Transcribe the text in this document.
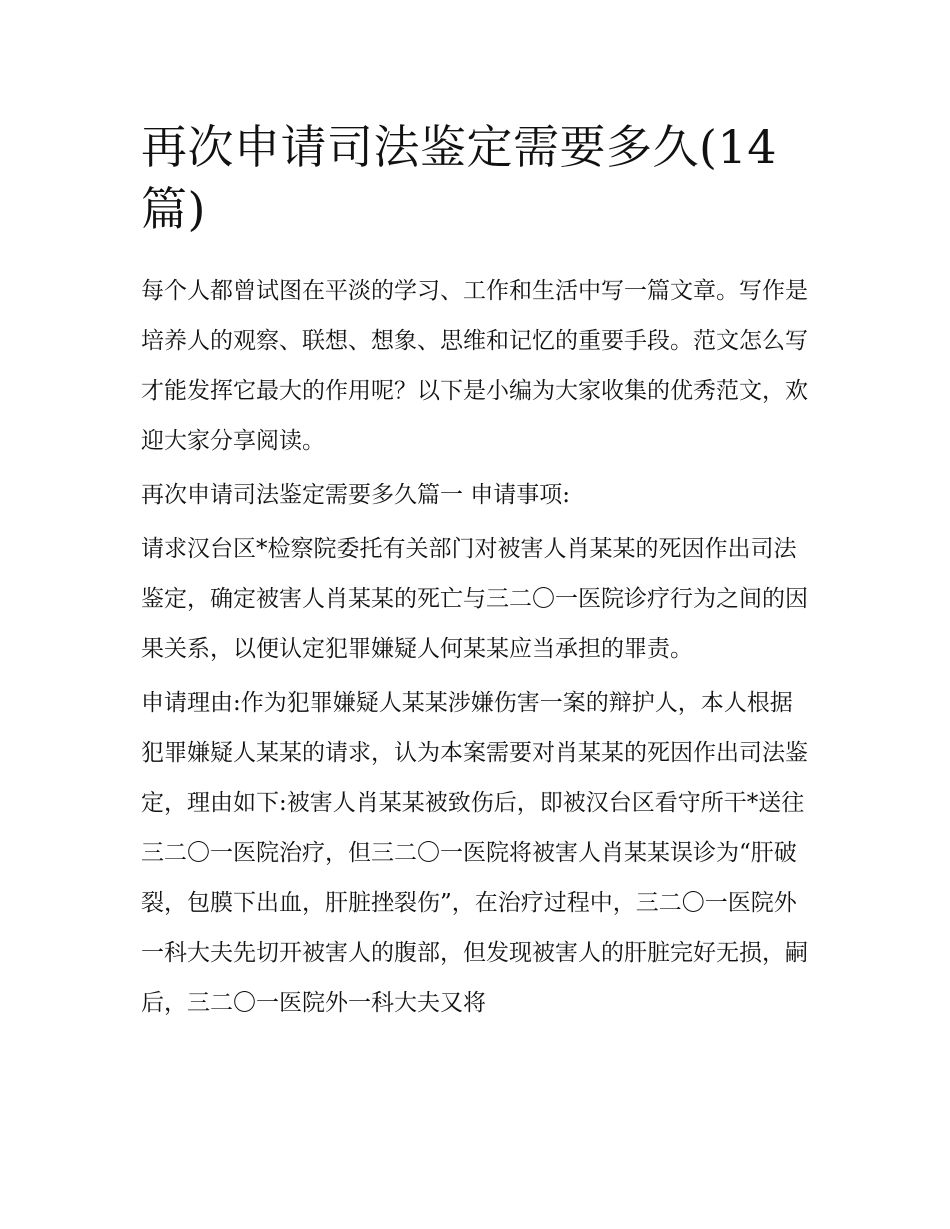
再次申请司法鉴定需要多久(14篇)

每个人都曾试图在平淡的学习、工作和生活中写一篇文章。写作是培养人的观察、联想、想象、思维和记忆的重要手段。范文怎么写才能发挥它最大的作用呢？以下是小编为大家收集的优秀范文，欢迎大家分享阅读。

再次申请司法鉴定需要多久篇一 申请事项:

请求汉台区*检察院委托有关部门对被害人肖某某的死因作出司法鉴定，确定被害人肖某某的死亡与三二〇一医院诊疗行为之间的因果关系，以便认定犯罪嫌疑人何某某应当承担的罪责。

申请理由:作为犯罪嫌疑人某某涉嫌伤害一案的辩护人，本人根据犯罪嫌疑人某某的请求，认为本案需要对肖某某的死因作出司法鉴定，理由如下:被害人肖某某被致伤后，即被汉台区看守所干*送往三二〇一医院治疗，但三二〇一医院将被害人肖某某误诊为“肝破裂，包膜下出血，肝脏挫裂伤”，在治疗过程中，三二〇一医院外一科大夫先切开被害人的腹部，但发现被害人的肝脏完好无损，嗣后，三二〇一医院外一科大夫又将
